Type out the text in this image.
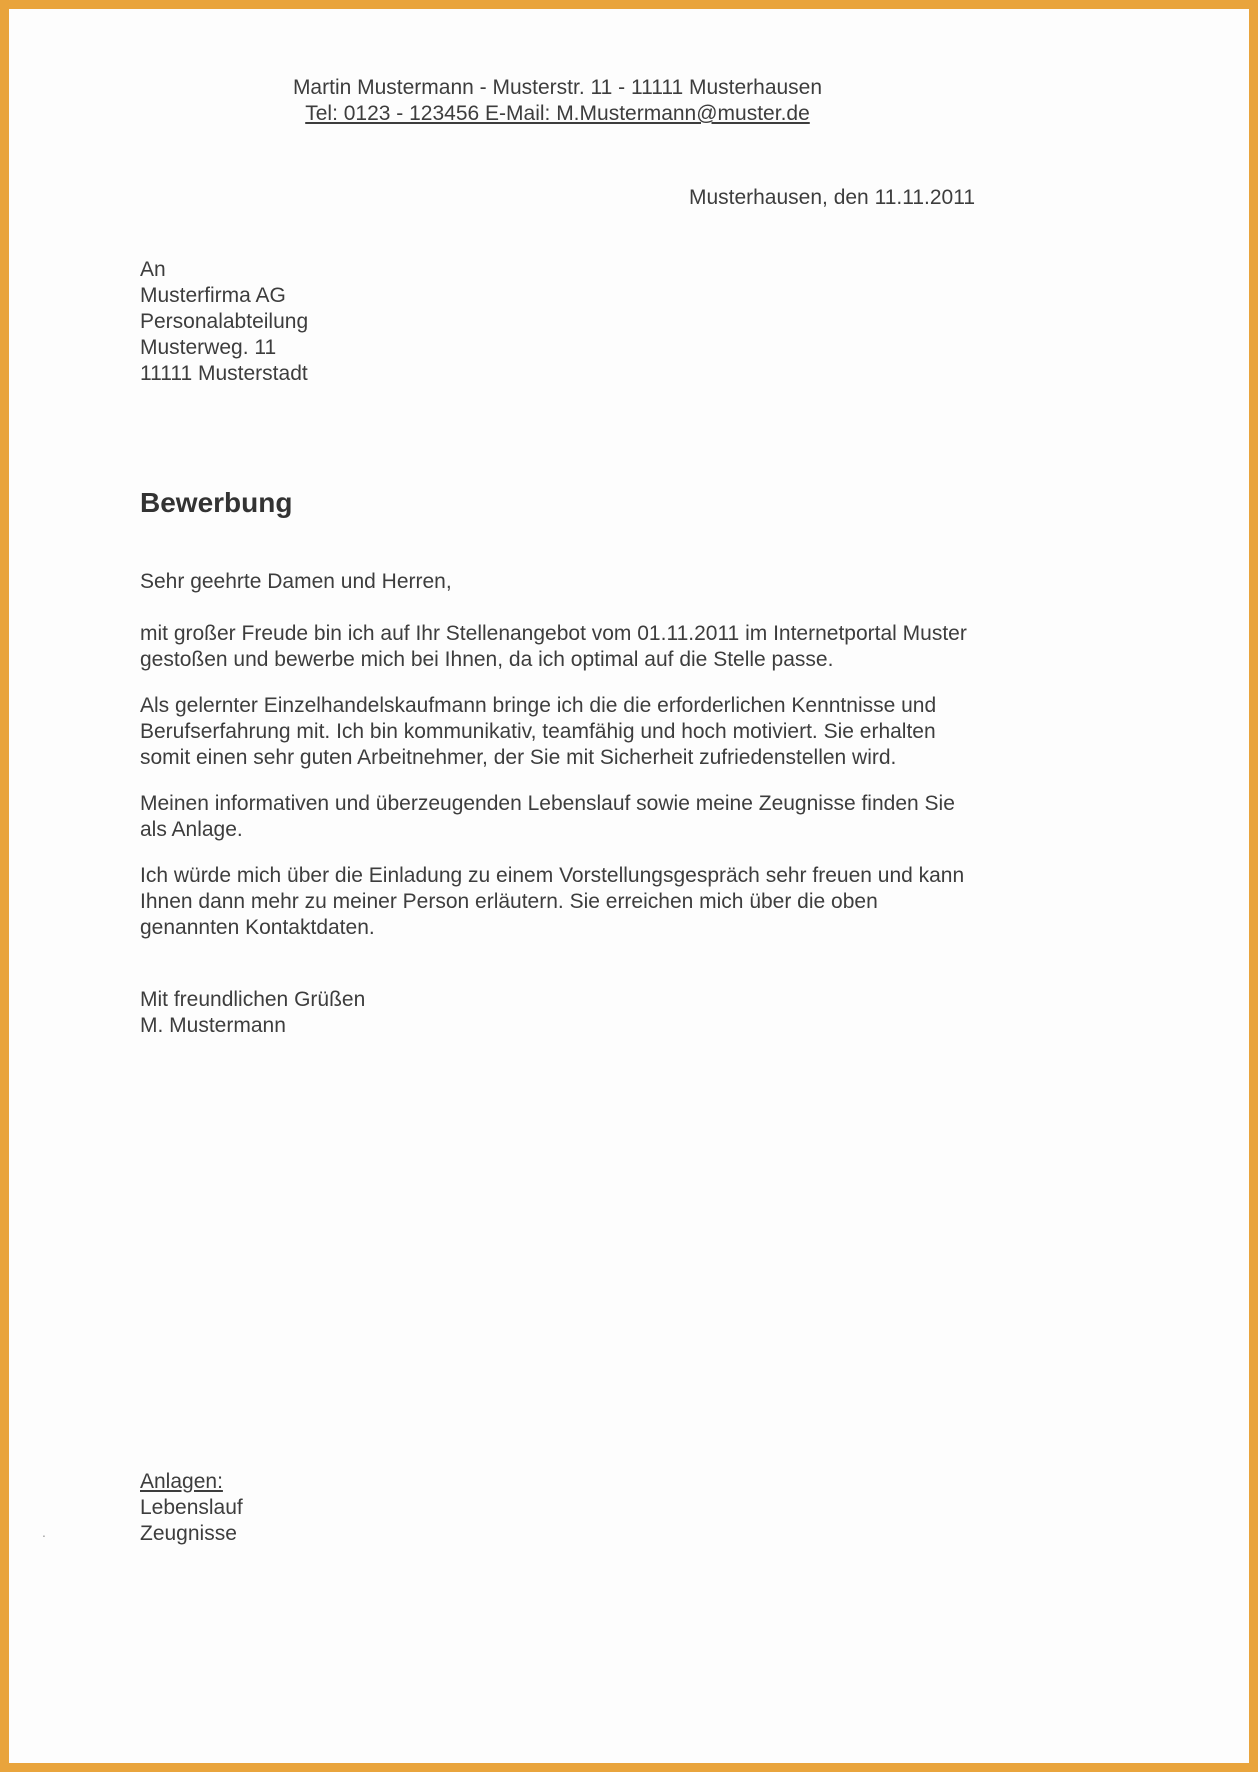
Martin Mustermann - Musterstr. 11 - 11111 Musterhausen
Tel: 0123 - 123456 E-Mail: M.Mustermann@muster.de
Musterhausen, den 11.11.2011
An
Musterfirma AG
Personalabteilung
Musterweg. 11
11111 Musterstadt
Bewerbung
Sehr geehrte Damen und Herren,

mit großer Freude bin ich auf Ihr Stellenangebot vom 01.11.2011 im Internetportal Muster gestoßen und bewerbe mich bei Ihnen, da ich optimal auf die Stelle passe.

Als gelernter Einzelhandelskaufmann bringe ich die die erforderlichen Kenntnisse und Berufserfahrung mit. Ich bin kommunikativ, teamfähig und hoch motiviert. Sie erhalten somit einen sehr guten Arbeitnehmer, der Sie mit Sicherheit zufriedenstellen wird.

Meinen informativen und überzeugenden Lebenslauf sowie meine Zeugnisse finden Sie als Anlage.

Ich würde mich über die Einladung zu einem Vorstellungsgespräch sehr freuen und kann Ihnen dann mehr zu meiner Person erläutern. Sie erreichen mich über die oben genannten Kontaktdaten.

Mit freundlichen Grüßen
M. Mustermann
Anlagen:
Lebenslauf
Zeugnisse
.
